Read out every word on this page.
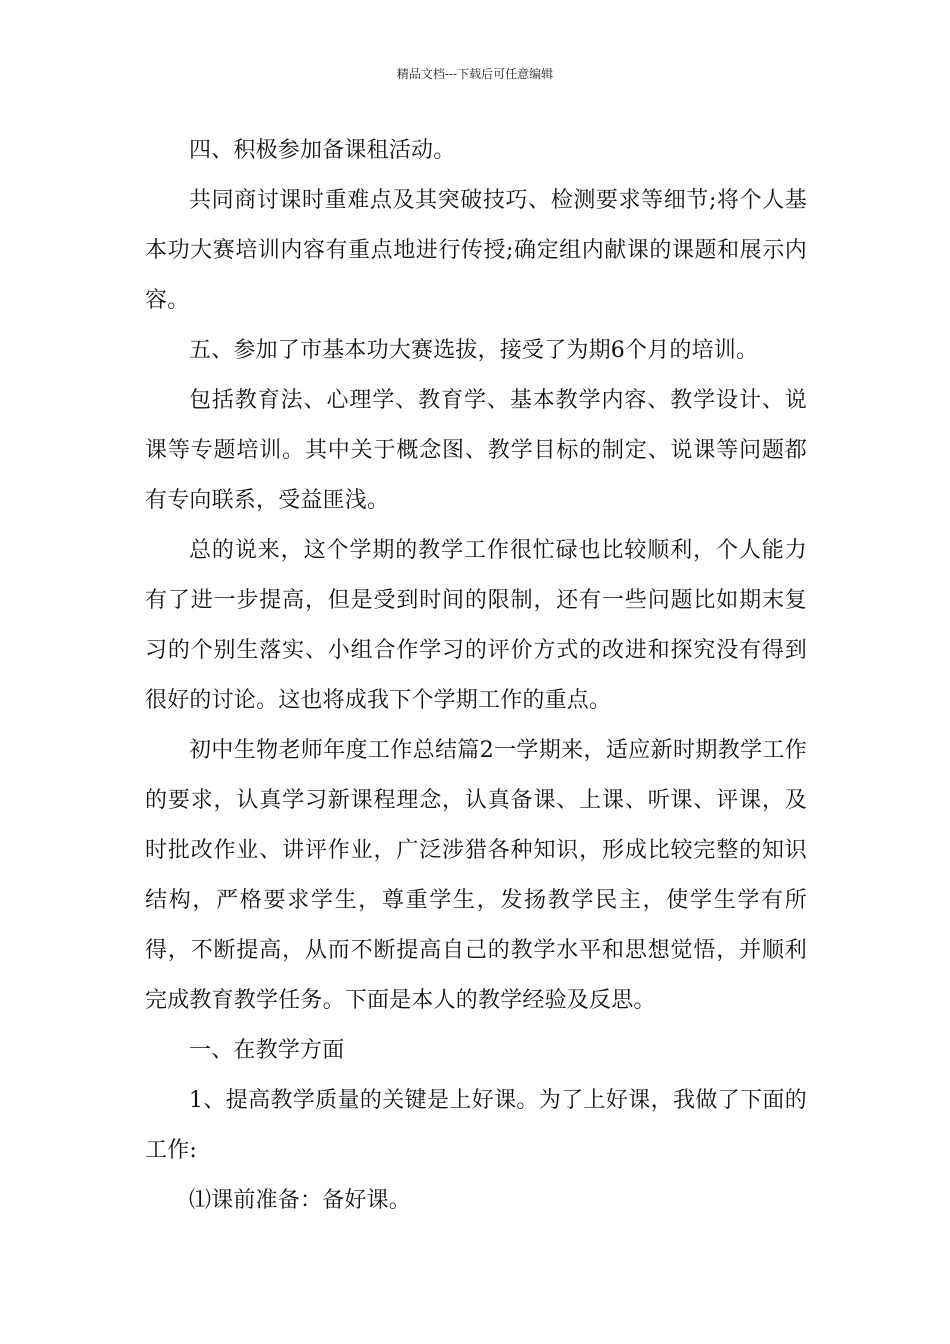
精品文档---下载后可任意编辑

四、积极参加备课租活动。

共同商讨课时重难点及其突破技巧、检测要求等细节;将个人基本功大赛培训内容有重点地进行传授;确定组内献课的课题和展示内容。

五、参加了市基本功大赛选拔，接受了为期6个月的培训。

包括教育法、心理学、教育学、基本教学内容、教学设计、说课等专题培训。其中关于概念图、教学目标的制定、说课等问题都有专向联系，受益匪浅。

总的说来，这个学期的教学工作很忙碌也比较顺利，个人能力有了进一步提高，但是受到时间的限制，还有一些问题比如期末复习的个别生落实、小组合作学习的评价方式的改进和探究没有得到很好的讨论。这也将成我下个学期工作的重点。

初中生物老师年度工作总结篇2一学期来，适应新时期教学工作的要求，认真学习新课程理念，认真备课、上课、听课、评课，及时批改作业、讲评作业，广泛涉猎各种知识，形成比较完整的知识结构，严格要求学生，尊重学生，发扬教学民主，使学生学有所得，不断提高，从而不断提高自己的教学水平和思想觉悟，并顺利完成教育教学任务。下面是本人的教学经验及反思。

一、在教学方面

1、提高教学质量的关键是上好课。为了上好课，我做了下面的工作:

⑴课前准备：备好课。
